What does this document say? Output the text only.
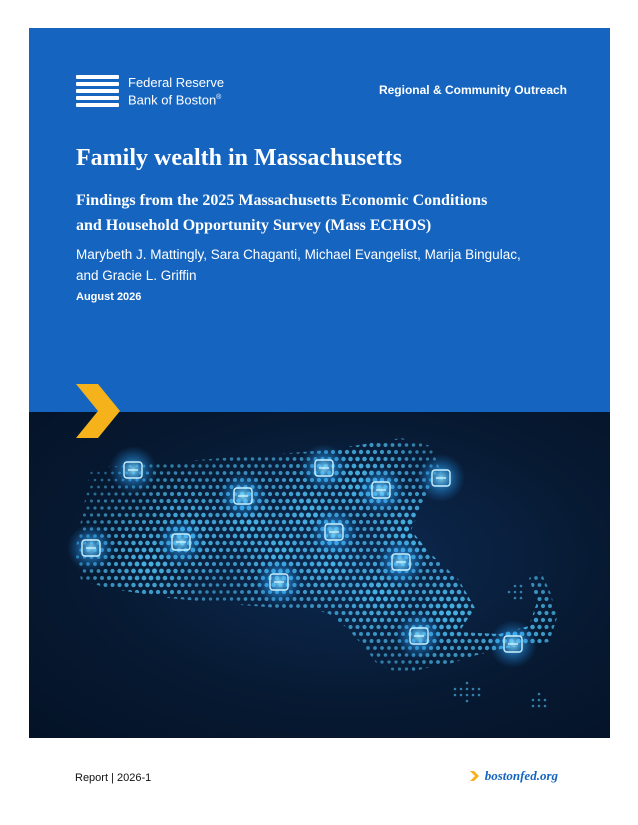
Federal Reserve
Bank of Boston®
Regional & Community Outreach
Family wealth in Massachusetts
Findings from the 2025 Massachusetts Economic Conditions
and Household Opportunity Survey (Mass ECHOS)
Marybeth J. Mattingly, Sara Chaganti, Michael Evangelist, Marija Bingulac,
and Gracie L. Griffin
August 2026
Report | 2026-1	bostonfed.org
